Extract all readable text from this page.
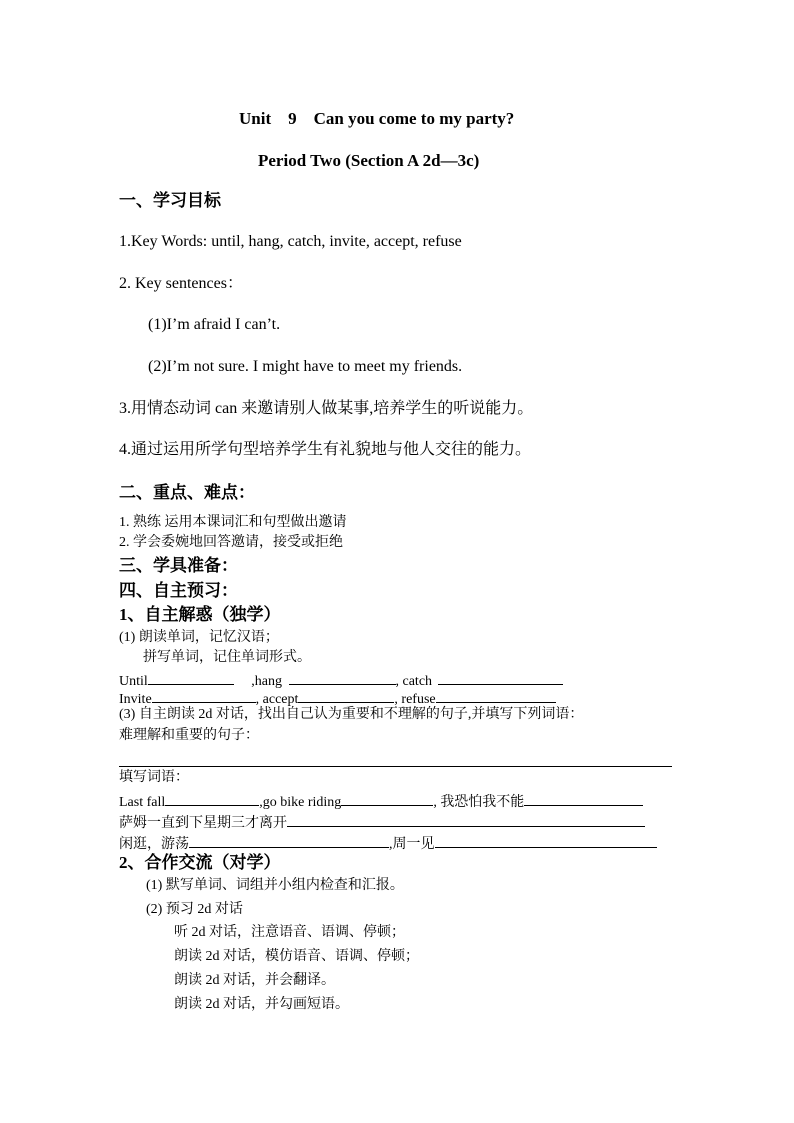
Unit    9    Can you come to my party?
Period Two (Section A 2d—3c)
一、学习目标
1.Key Words: until, hang, catch, invite, accept, refuse
2. Key sentences：
(1)I’m afraid I can’t.
(2)I’m not sure. I might have to meet my friends.
3.用情态动词 can 来邀请别人做某事,培养学生的听说能力。
4.通过运用所学句型培养学生有礼貌地与他人交往的能力。
二、重点、难点：
1. 熟练 运用本课词汇和句型做出邀请
2. 学会委婉地回答邀请，接受或拒绝
三、学具准备：
四、自主预习：
1、自主解惑（独学）
(1) 朗读单词，记忆汉语；
拼写单词，记住单词形式。
Until	,hang	, catch
Invite	, accept	, refuse
(3) 自主朗读 2d 对话，找出自己认为重要和不理解的句子,并填写下列词语：
难理解和重要的句子：
填写词语：
Last fall	,go bike riding	, 我恐怕我不能
萨姆一直到下星期三才离开
闲逛，游荡	,周一见
2、合作交流（对学）
(1) 默写单词、词组并小组内检查和汇报。
(2) 预习 2d 对话
听 2d 对话，注意语音、语调、停顿；
朗读 2d 对话，模仿语音、语调、停顿；
朗读 2d 对话，并会翻译。
朗读 2d 对话，并勾画短语。
